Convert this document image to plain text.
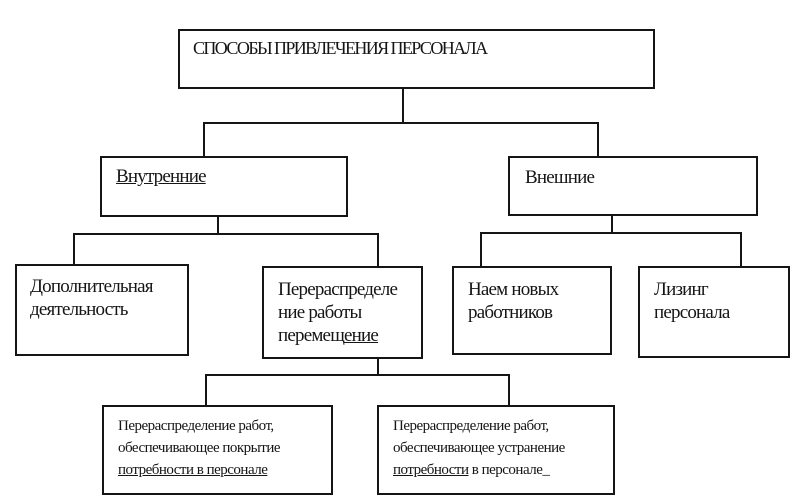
СПОСОБЫ ПРИВЛЕЧЕНИЯ ПЕРСОНАЛА
Внутренние	Внешние
Дополнительная
деятельность
Перераспределе
ние работы
перемещение
Наем новых
работников
Лизинг
персонала
Перераспределение работ,
обеспечивающее покрытие
потребности в персонале
Перераспределение работ,
обеспечивающее устранение
потребности в персонале_
